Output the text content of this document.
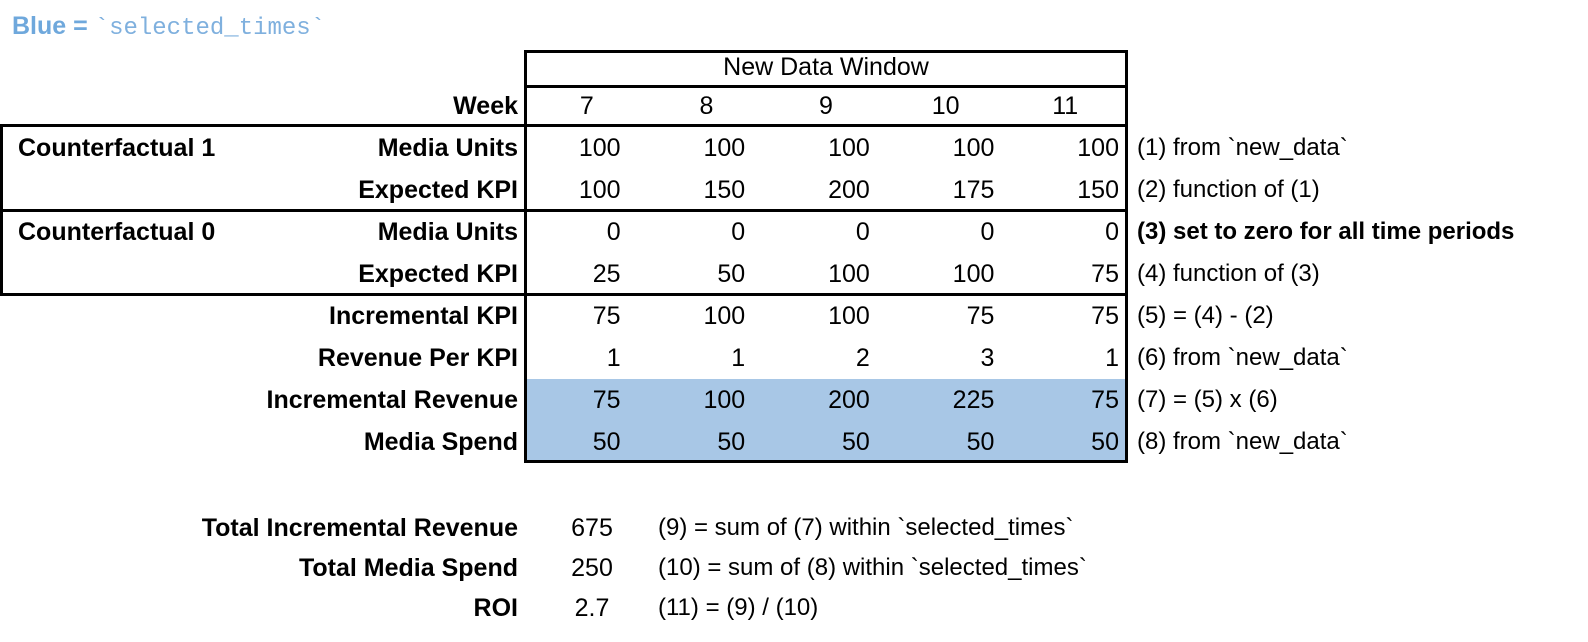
Blue = `selected_times`
New Data Window
Week	7	8	9	10	11
Counterfactual 1	Media Units	100	100	100	100	100 (1) from `new_data`
Expected KPI	100	150	200	175	150 (2) function of (1)
Counterfactual 0	Media Units	0	0	0	0	0 (3) set to zero for all time periods
Expected KPI	25	50	100	100	75 (4) function of (3)
Incremental KPI	75	100	100	75	75 (5) = (4) - (2)
Revenue Per KPI	1	1	2	3	1 (6) from `new_data`
Incremental Revenue	75	100	200	225	75 (7) = (5) x (6)
Media Spend	50	50	50	50	50 (8) from `new_data`
Total Incremental Revenue	675	(9) = sum of (7) within `selected_times`
Total Media Spend	250	(10) = sum of (8) within `selected_times`
ROI	2.7	(11) = (9) / (10)
